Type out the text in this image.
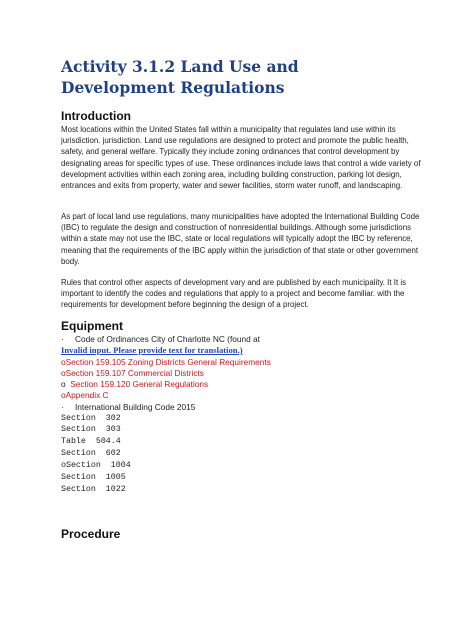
Activity 3.1.2 Land Use and Development Regulations
Introduction

Most locations within the United States fall within a municipality that regulates land use within its jurisdiction. jurisdiction. Land use regulations are designed to protect and promote the public health, safety, and general welfare. Typically they include zoning ordinances that control development by designating areas for specific types of use. These ordinances include laws that control a wide variety of development activities within each zoning area, including building construction, parking lot design, entrances and exits from property, water and sewer facilities, storm water runoff, and landscaping.

As part of local land use regulations, many municipalities have adopted the International Building Code (IBC) to regulate the design and construction of nonresidential buildings. Although some jurisdictions within a state may not use the IBC, state or local regulations will typically adopt the IBC by reference, meaning that the requirements of the IBC apply within the jurisdiction of that state or other government body.

Rules that control other aspects of development vary and are published by each municipality. It It is important to identify the codes and regulations that apply to a project and become familiar. with the requirements for development before beginning the design of a project.

Equipment
· Code of Ordinances City of Charlotte NC (found at
Invalid input. Please provide text for translation.)
oSection 159.105 Zoning Districts General Requirements
oSection 159.107 Commercial Districts
o Section 159.120 General Regulations
oAppendix C
· International Building Code 2015
Section  302
Section  303
Table  504.4
Section  602
oSection  1004
Section  1005
Section  1022
Procedure
